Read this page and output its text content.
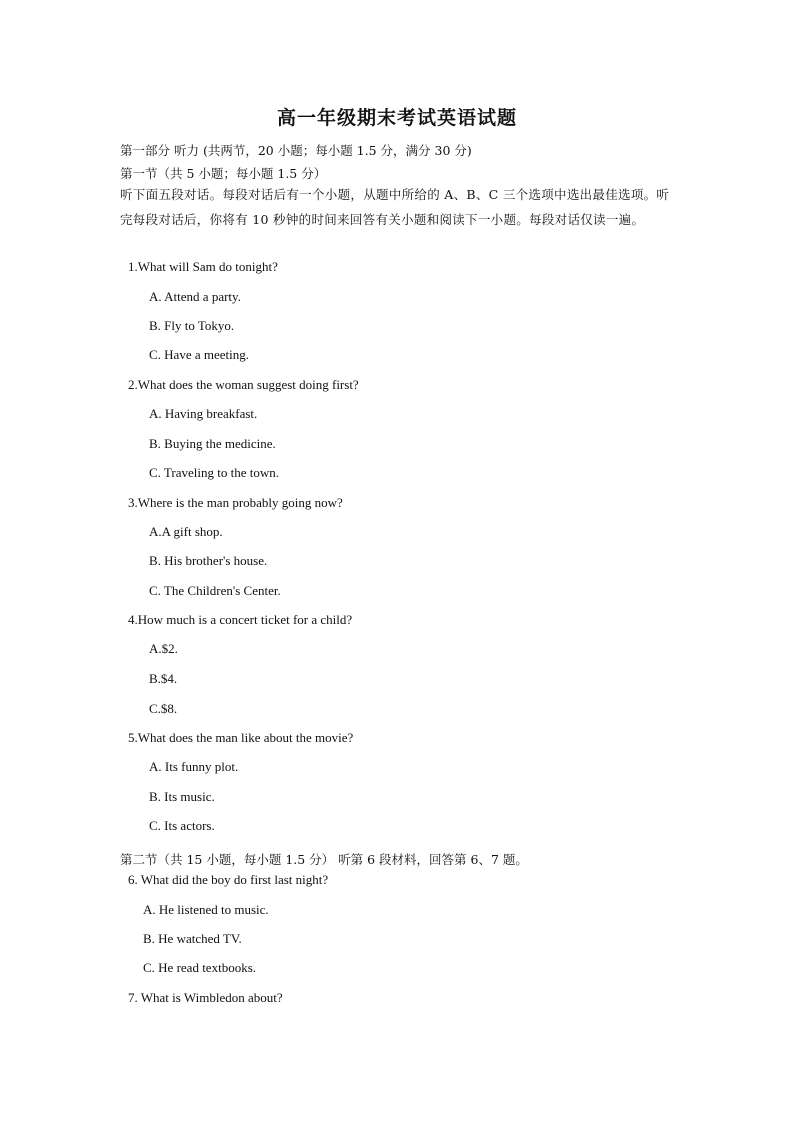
高一年级期末考试英语试题
第一部分 听力 (共两节，20 小题；每小题 1.5 分，满分 30 分)
第一节（共 5 小题；每小题 1.5 分）
听下面五段对话。每段对话后有一个小题，从题中所给的 A、B、C 三个选项中选出最佳选项。听完每段对话后，你将有 10 秒钟的时间来回答有关小题和阅读下一小题。每段对话仅读一遍。
1.What will Sam do tonight?
A. Attend a party.
B. Fly to Tokyo.
C. Have a meeting.
2.What does the woman suggest doing first?
A. Having breakfast.
B. Buying the medicine.
C. Traveling to the town.
3.Where is the man probably going now?
A.A gift shop.
B. His brother's house.
C. The Children's Center.
4.How much is a concert ticket for a child?
A.$2.
B.$4.
C.$8.
5.What does the man like about the movie?
A. Its funny plot.
B. Its music.
C. Its actors.
第二节（共 15 小题，每小题 1.5 分） 听第 6 段材料，回答第 6、7 题。
6. What did the boy do first last night?
A. He listened to music.
B. He watched TV.
C. He read textbooks.
7. What is Wimbledon about?
